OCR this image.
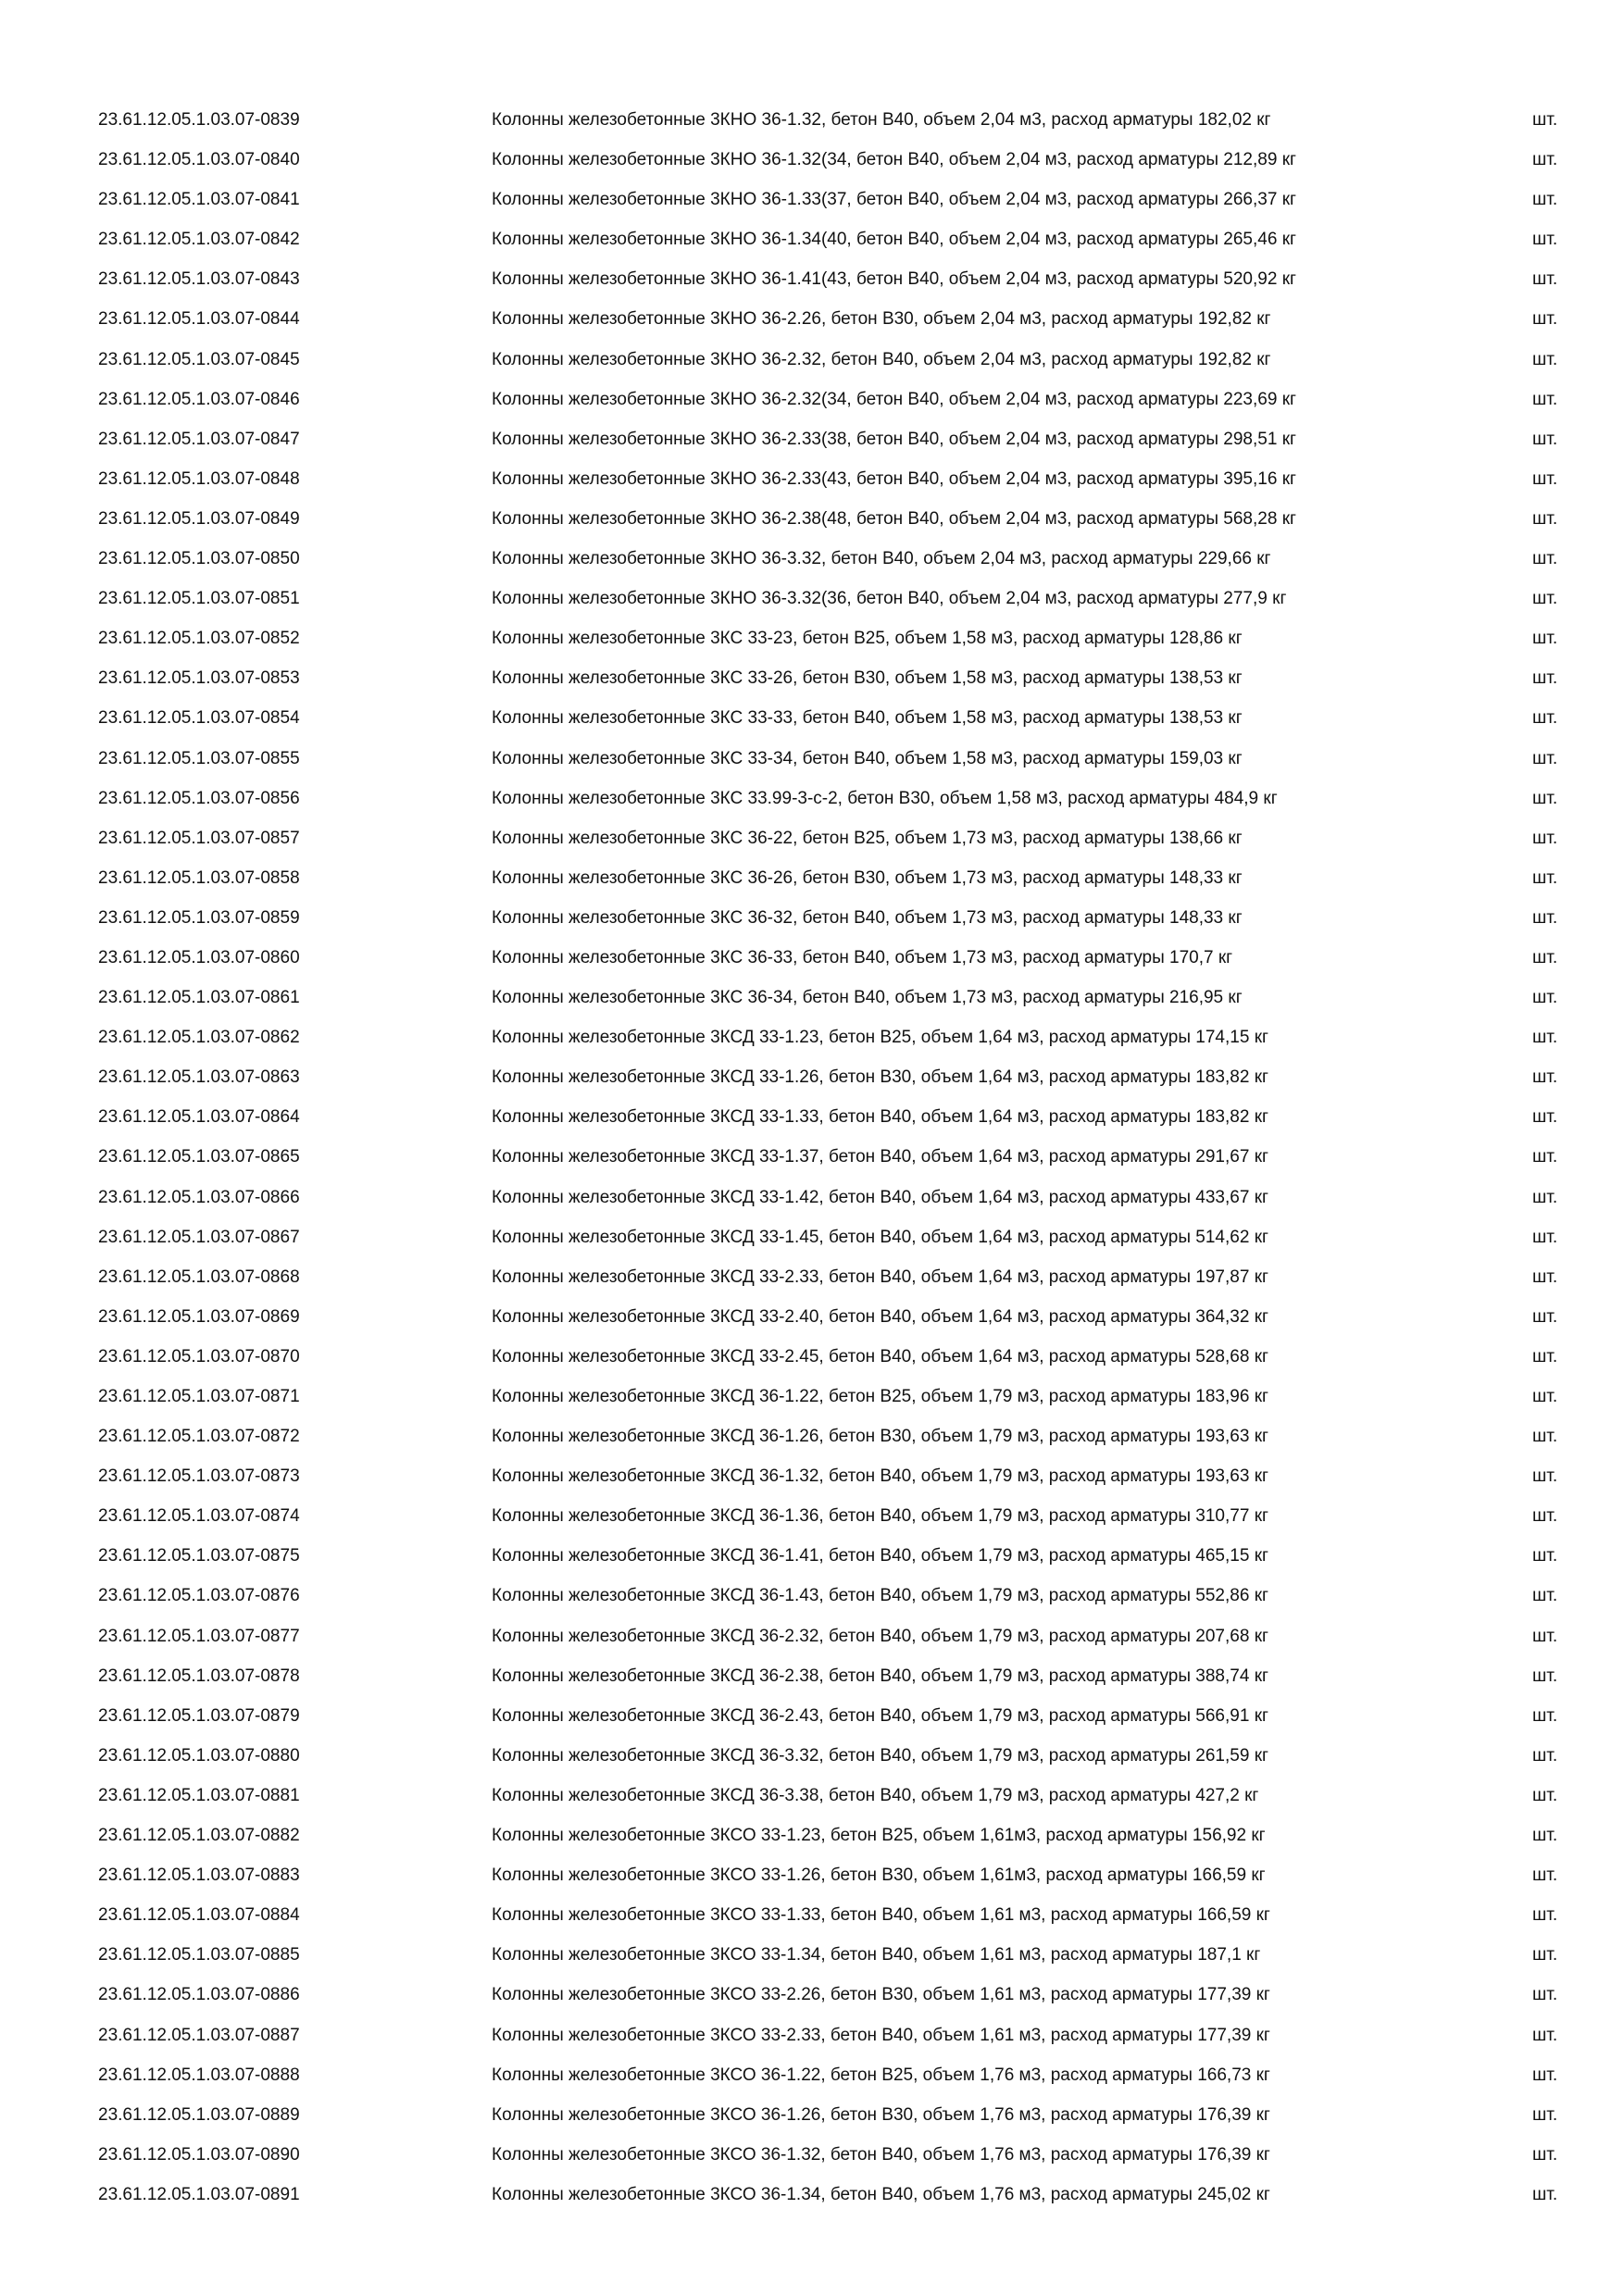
23.61.12.05.1.03.07-0839	Колонны железобетонные 3КНО 36-1.32, бетон В40, объем 2,04 м3, расход арматуры 182,02 кг	шт.
23.61.12.05.1.03.07-0840	Колонны железобетонные 3КНО 36-1.32(34, бетон В40, объем 2,04 м3, расход арматуры 212,89 кг	шт.
23.61.12.05.1.03.07-0841	Колонны железобетонные 3КНО 36-1.33(37, бетон В40, объем 2,04 м3, расход арматуры 266,37 кг	шт.
23.61.12.05.1.03.07-0842	Колонны железобетонные 3КНО 36-1.34(40, бетон В40, объем 2,04 м3, расход арматуры 265,46 кг	шт.
23.61.12.05.1.03.07-0843	Колонны железобетонные 3КНО 36-1.41(43, бетон В40, объем 2,04 м3, расход арматуры 520,92 кг	шт.
23.61.12.05.1.03.07-0844	Колонны железобетонные 3КНО 36-2.26, бетон В30, объем 2,04 м3, расход арматуры 192,82 кг	шт.
23.61.12.05.1.03.07-0845	Колонны железобетонные 3КНО 36-2.32, бетон В40, объем 2,04 м3, расход арматуры 192,82 кг	шт.
23.61.12.05.1.03.07-0846	Колонны железобетонные 3КНО 36-2.32(34, бетон В40, объем 2,04 м3, расход арматуры 223,69 кг	шт.
23.61.12.05.1.03.07-0847	Колонны железобетонные 3КНО 36-2.33(38, бетон В40, объем 2,04 м3, расход арматуры 298,51 кг	шт.
23.61.12.05.1.03.07-0848	Колонны железобетонные 3КНО 36-2.33(43, бетон В40, объем 2,04 м3, расход арматуры 395,16 кг	шт.
23.61.12.05.1.03.07-0849	Колонны железобетонные 3КНО 36-2.38(48, бетон В40, объем 2,04 м3, расход арматуры 568,28 кг	шт.
23.61.12.05.1.03.07-0850	Колонны железобетонные 3КНО 36-3.32, бетон В40, объем 2,04 м3, расход арматуры 229,66 кг	шт.
23.61.12.05.1.03.07-0851	Колонны железобетонные 3КНО 36-3.32(36, бетон В40, объем 2,04 м3, расход арматуры 277,9 кг	шт.
23.61.12.05.1.03.07-0852	Колонны железобетонные 3КС 33-23, бетон В25, объем 1,58 м3, расход арматуры 128,86 кг	шт.
23.61.12.05.1.03.07-0853	Колонны железобетонные 3КС 33-26, бетон В30, объем 1,58 м3, расход арматуры 138,53 кг	шт.
23.61.12.05.1.03.07-0854	Колонны железобетонные 3КС 33-33, бетон В40, объем 1,58 м3, расход арматуры 138,53 кг	шт.
23.61.12.05.1.03.07-0855	Колонны железобетонные 3КС 33-34, бетон В40, объем 1,58 м3, расход арматуры 159,03 кг	шт.
23.61.12.05.1.03.07-0856	Колонны железобетонные 3КС 33.99-3-с-2, бетон В30, объем 1,58 м3, расход арматуры 484,9 кг	шт.
23.61.12.05.1.03.07-0857	Колонны железобетонные 3КС 36-22, бетон В25, объем 1,73 м3, расход арматуры 138,66 кг	шт.
23.61.12.05.1.03.07-0858	Колонны железобетонные 3КС 36-26, бетон В30, объем 1,73 м3, расход арматуры 148,33 кг	шт.
23.61.12.05.1.03.07-0859	Колонны железобетонные 3КС 36-32, бетон В40, объем 1,73 м3, расход арматуры 148,33 кг	шт.
23.61.12.05.1.03.07-0860	Колонны железобетонные 3КС 36-33, бетон В40, объем 1,73 м3, расход арматуры 170,7 кг	шт.
23.61.12.05.1.03.07-0861	Колонны железобетонные 3КС 36-34, бетон В40, объем 1,73 м3, расход арматуры 216,95 кг	шт.
23.61.12.05.1.03.07-0862	Колонны железобетонные 3КСД 33-1.23, бетон В25, объем 1,64 м3, расход арматуры 174,15 кг	шт.
23.61.12.05.1.03.07-0863	Колонны железобетонные 3КСД 33-1.26, бетон В30, объем 1,64 м3, расход арматуры 183,82 кг	шт.
23.61.12.05.1.03.07-0864	Колонны железобетонные 3КСД 33-1.33, бетон В40, объем 1,64 м3, расход арматуры 183,82 кг	шт.
23.61.12.05.1.03.07-0865	Колонны железобетонные 3КСД 33-1.37, бетон В40, объем 1,64 м3, расход арматуры 291,67 кг	шт.
23.61.12.05.1.03.07-0866	Колонны железобетонные 3КСД 33-1.42, бетон В40, объем 1,64 м3, расход арматуры 433,67 кг	шт.
23.61.12.05.1.03.07-0867	Колонны железобетонные 3КСД 33-1.45, бетон В40, объем 1,64 м3, расход арматуры 514,62 кг	шт.
23.61.12.05.1.03.07-0868	Колонны железобетонные 3КСД 33-2.33, бетон В40, объем 1,64 м3, расход арматуры 197,87 кг	шт.
23.61.12.05.1.03.07-0869	Колонны железобетонные 3КСД 33-2.40, бетон В40, объем 1,64 м3, расход арматуры 364,32 кг	шт.
23.61.12.05.1.03.07-0870	Колонны железобетонные 3КСД 33-2.45, бетон В40, объем 1,64 м3, расход арматуры 528,68 кг	шт.
23.61.12.05.1.03.07-0871	Колонны железобетонные 3КСД 36-1.22, бетон В25, объем 1,79 м3, расход арматуры 183,96 кг	шт.
23.61.12.05.1.03.07-0872	Колонны железобетонные 3КСД 36-1.26, бетон В30, объем 1,79 м3, расход арматуры 193,63 кг	шт.
23.61.12.05.1.03.07-0873	Колонны железобетонные 3КСД 36-1.32, бетон В40, объем 1,79 м3, расход арматуры 193,63 кг	шт.
23.61.12.05.1.03.07-0874	Колонны железобетонные 3КСД 36-1.36, бетон В40, объем 1,79 м3, расход арматуры 310,77 кг	шт.
23.61.12.05.1.03.07-0875	Колонны железобетонные 3КСД 36-1.41, бетон В40, объем 1,79 м3, расход арматуры 465,15 кг	шт.
23.61.12.05.1.03.07-0876	Колонны железобетонные 3КСД 36-1.43, бетон В40, объем 1,79 м3, расход арматуры 552,86 кг	шт.
23.61.12.05.1.03.07-0877	Колонны железобетонные 3КСД 36-2.32, бетон В40, объем 1,79 м3, расход арматуры 207,68 кг	шт.
23.61.12.05.1.03.07-0878	Колонны железобетонные 3КСД 36-2.38, бетон В40, объем 1,79 м3, расход арматуры 388,74 кг	шт.
23.61.12.05.1.03.07-0879	Колонны железобетонные 3КСД 36-2.43, бетон В40, объем 1,79 м3, расход арматуры 566,91 кг	шт.
23.61.12.05.1.03.07-0880	Колонны железобетонные 3КСД 36-3.32, бетон В40, объем 1,79 м3, расход арматуры 261,59 кг	шт.
23.61.12.05.1.03.07-0881	Колонны железобетонные 3КСД 36-3.38, бетон В40, объем 1,79 м3, расход арматуры 427,2 кг	шт.
23.61.12.05.1.03.07-0882	Колонны железобетонные 3КСО 33-1.23, бетон В25, объем 1,61м3, расход арматуры 156,92 кг	шт.
23.61.12.05.1.03.07-0883	Колонны железобетонные 3КСО 33-1.26, бетон В30, объем 1,61м3, расход арматуры 166,59 кг	шт.
23.61.12.05.1.03.07-0884	Колонны железобетонные 3КСО 33-1.33, бетон В40, объем 1,61 м3, расход арматуры 166,59 кг	шт.
23.61.12.05.1.03.07-0885	Колонны железобетонные 3КСО 33-1.34, бетон В40, объем 1,61 м3, расход арматуры 187,1 кг	шт.
23.61.12.05.1.03.07-0886	Колонны железобетонные 3КСО 33-2.26, бетон В30, объем 1,61 м3, расход арматуры 177,39 кг	шт.
23.61.12.05.1.03.07-0887	Колонны железобетонные 3КСО 33-2.33, бетон В40, объем 1,61 м3, расход арматуры 177,39 кг	шт.
23.61.12.05.1.03.07-0888	Колонны железобетонные 3КСО 36-1.22, бетон В25, объем 1,76 м3, расход арматуры 166,73 кг	шт.
23.61.12.05.1.03.07-0889	Колонны железобетонные 3КСО 36-1.26, бетон В30, объем 1,76 м3, расход арматуры 176,39 кг	шт.
23.61.12.05.1.03.07-0890	Колонны железобетонные 3КСО 36-1.32, бетон В40, объем 1,76 м3, расход арматуры 176,39 кг	шт.
23.61.12.05.1.03.07-0891	Колонны железобетонные 3КСО 36-1.34, бетон В40, объем 1,76 м3, расход арматуры 245,02 кг	шт.
